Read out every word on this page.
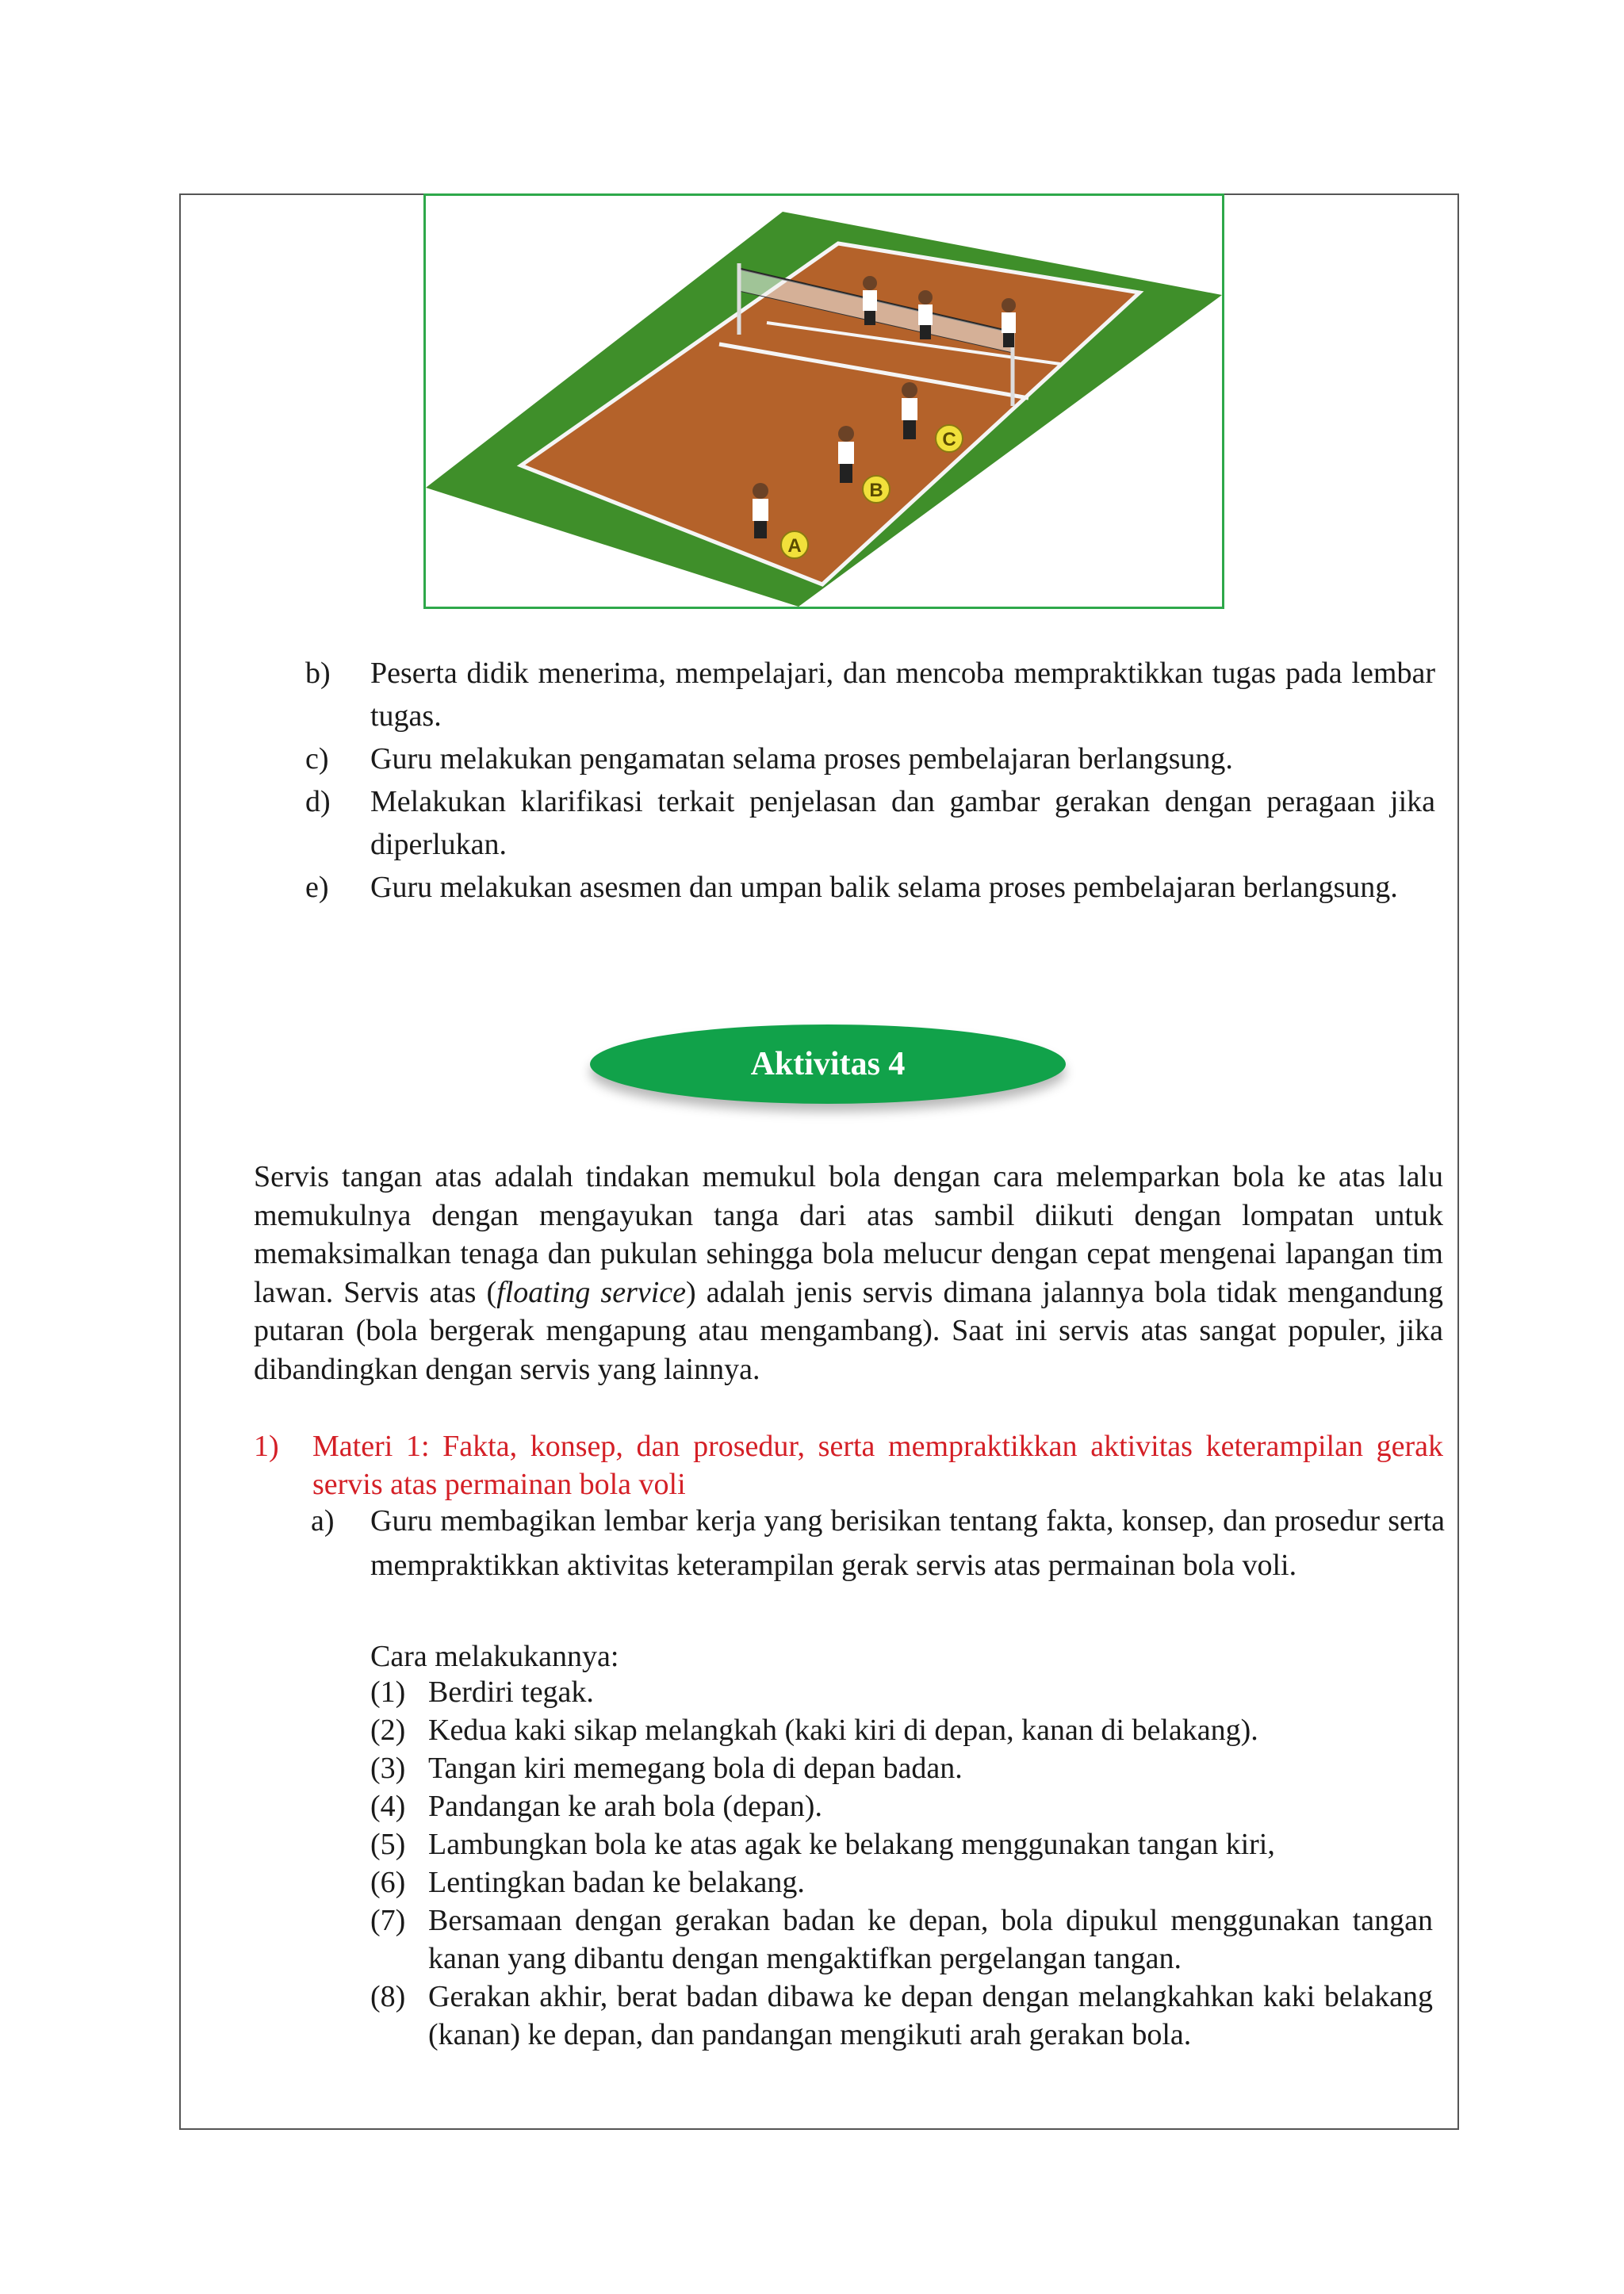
A
B
C
b) Peserta didik menerima, mempelajari, dan mencoba mempraktikkan tugas pada lembar tugas.
c) Guru melakukan pengamatan selama proses pembelajaran berlangsung.
d) Melakukan klarifikasi terkait penjelasan dan gambar gerakan dengan peragaan jika diperlukan.
e) Guru melakukan asesmen dan umpan balik selama proses pembelajaran berlangsung.
Aktivitas 4

Servis tangan atas adalah tindakan memukul bola dengan cara melemparkan bola ke atas lalu memukulnya dengan mengayukan tanga dari atas sambil diikuti dengan lompatan untuk memaksimalkan tenaga dan pukulan sehingga bola melucur dengan cepat mengenai lapangan tim lawan. Servis atas (floating service) adalah jenis servis dimana jalannya bola tidak mengandung putaran (bola bergerak mengapung atau mengambang). Saat ini servis atas sangat populer, jika dibandingkan dengan servis yang lainnya.

1)	Materi 1: Fakta, konsep, dan prosedur, serta mempraktikkan aktivitas keterampilan gerak servis atas permainan bola voli
a)	Guru membagikan lembar kerja yang berisikan tentang fakta, konsep, dan prosedur serta mempraktikkan aktivitas keterampilan gerak servis atas permainan bola voli.
Cara melakukannya:
(1) Berdiri tegak.
(2) Kedua kaki sikap melangkah (kaki kiri di depan, kanan di belakang).
(3) Tangan kiri memegang bola di depan badan.
(4) Pandangan ke arah bola (depan).
(5) Lambungkan bola ke atas agak ke belakang menggunakan tangan kiri,
(6) Lentingkan badan ke belakang.
(7) Bersamaan dengan gerakan badan ke depan, bola dipukul menggunakan tangan kanan yang dibantu dengan mengaktifkan pergelangan tangan.
(8) Gerakan akhir, berat badan dibawa ke depan dengan melangkahkan kaki belakang (kanan) ke depan, dan pandangan mengikuti arah gerakan bola.
